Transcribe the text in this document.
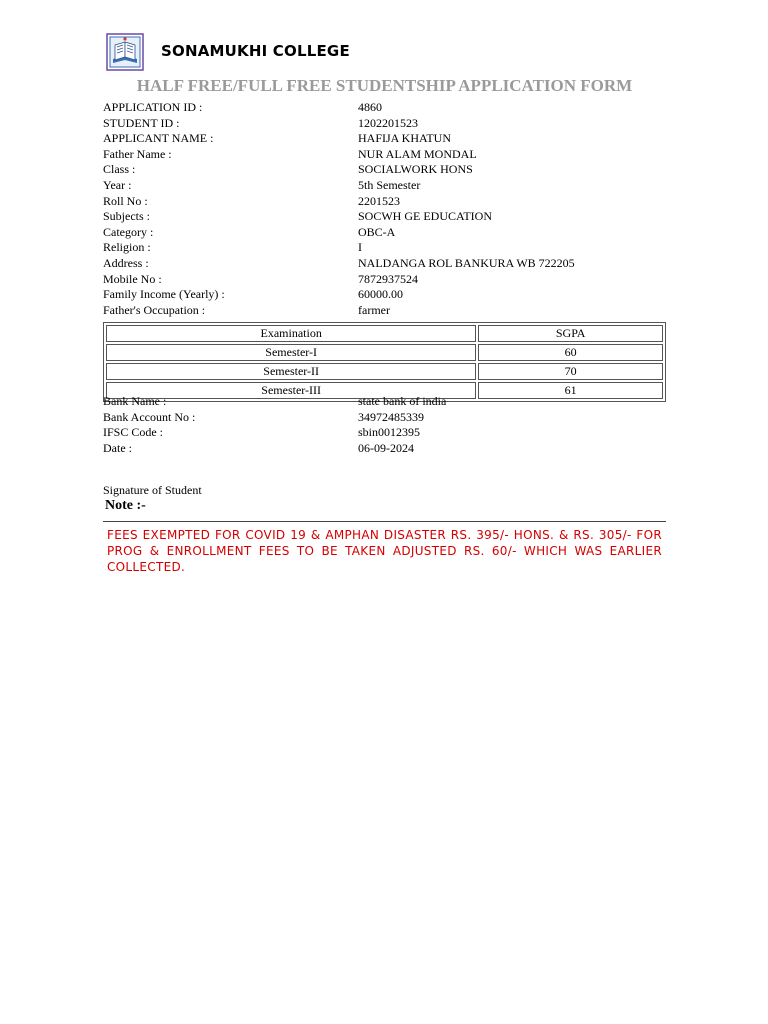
SONAMUKHI COLLEGE
HALF FREE/FULL FREE STUDENTSHIP APPLICATION FORM
APPLICATION ID :	4860
STUDENT ID :	1202201523
APPLICANT NAME :	HAFIJA KHATUN
Father Name :	NUR ALAM MONDAL
Class :	SOCIALWORK HONS
Year :	5th Semester
Roll No :	2201523
Subjects :	SOCWH GE EDUCATION
Category :	OBC-A
Religion :	I
Address :	NALDANGA ROL BANKURA WB 722205
Mobile No :	7872937524
Family Income (Yearly) :	60000.00
Father's Occupation :	farmer
Examination	SGPA
Semester-I	60
Semester-II	70
Semester-III	61
Bank Name :	state bank of india
Bank Account No :	34972485339
IFSC Code :	sbin0012395
Date :	06-09-2024
Signature of Student
Note :-
FEES EXEMPTED FOR COVID 19 & AMPHAN DISASTER RS. 395/- HONS. & RS. 305/- FOR PROG & ENROLLMENT FEES TO BE TAKEN ADJUSTED RS. 60/- WHICH WAS EARLIER COLLECTED.
